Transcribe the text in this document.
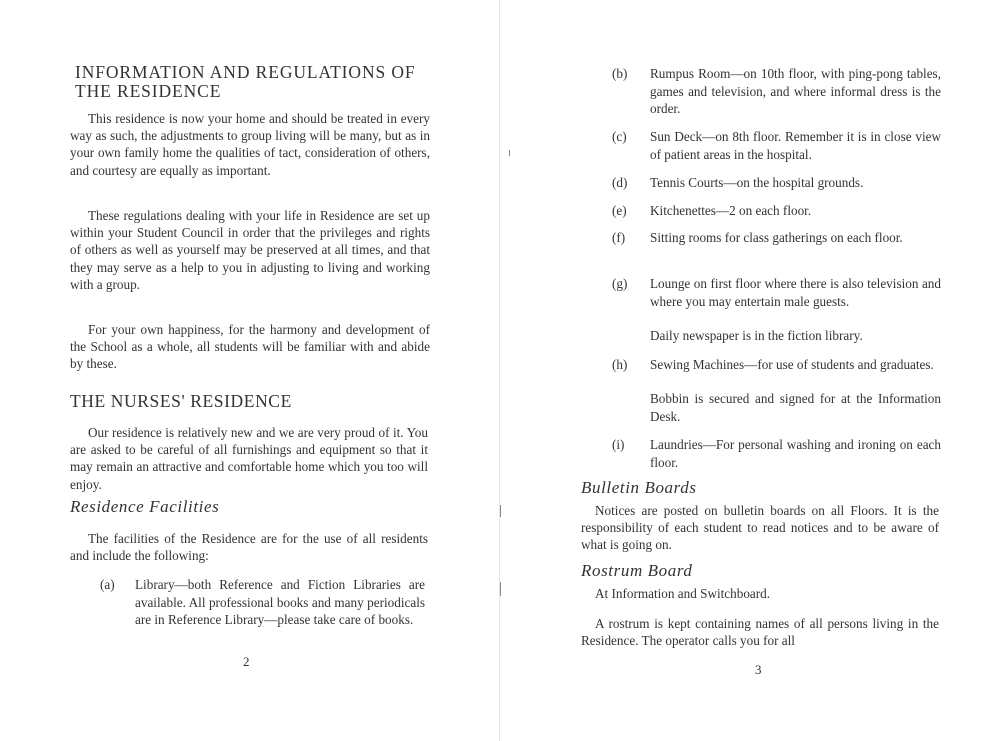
INFORMATION AND REGULATIONS OF THE RESIDENCE
This residence is now your home and should be treated in every way as such, the adjustments to group living will be many, but as in your own family home the qualities of tact, consideration of others, and courtesy are equally as important.
These regulations dealing with your life in Residence are set up within your Student Council in order that the privileges and rights of others as well as yourself may be preserved at all times, and that they may serve as a help to you in adjusting to living and working with a group.
For your own happiness, for the harmony and development of the School as a whole, all students will be familiar with and abide by these.
THE NURSES' RESIDENCE
Our residence is relatively new and we are very proud of it. You are asked to be careful of all furnishings and equipment so that it may remain an attractive and comfortable home which you too will enjoy.
Residence Facilities
The facilities of the Residence are for the use of all residents and include the following:
(a) Library—both Reference and Fiction Libraries are available. All professional books and many periodicals are in Reference Library—please take care of books.
2
(b) Rumpus Room—on 10th floor, with ping-pong tables, games and television, and where informal dress is the order.
(c) Sun Deck—on 8th floor. Remember it is in close view of patient areas in the hospital.
(d) Tennis Courts—on the hospital grounds.
(e) Kitchenettes—2 on each floor.
(f) Sitting rooms for class gatherings on each floor.
(g) Lounge on first floor where there is also television and where you may entertain male guests.
Daily newspaper is in the fiction library.
(h) Sewing Machines—for use of students and graduates.
Bobbin is secured and signed for at the Information Desk.
(i) Laundries—For personal washing and ironing on each floor.
Bulletin Boards
Notices are posted on bulletin boards on all Floors. It is the responsibility of each student to read notices and to be aware of what is going on.
Rostrum Board
At Information and Switchboard.
A rostrum is kept containing names of all persons living in the Residence. The operator calls you for all
3
